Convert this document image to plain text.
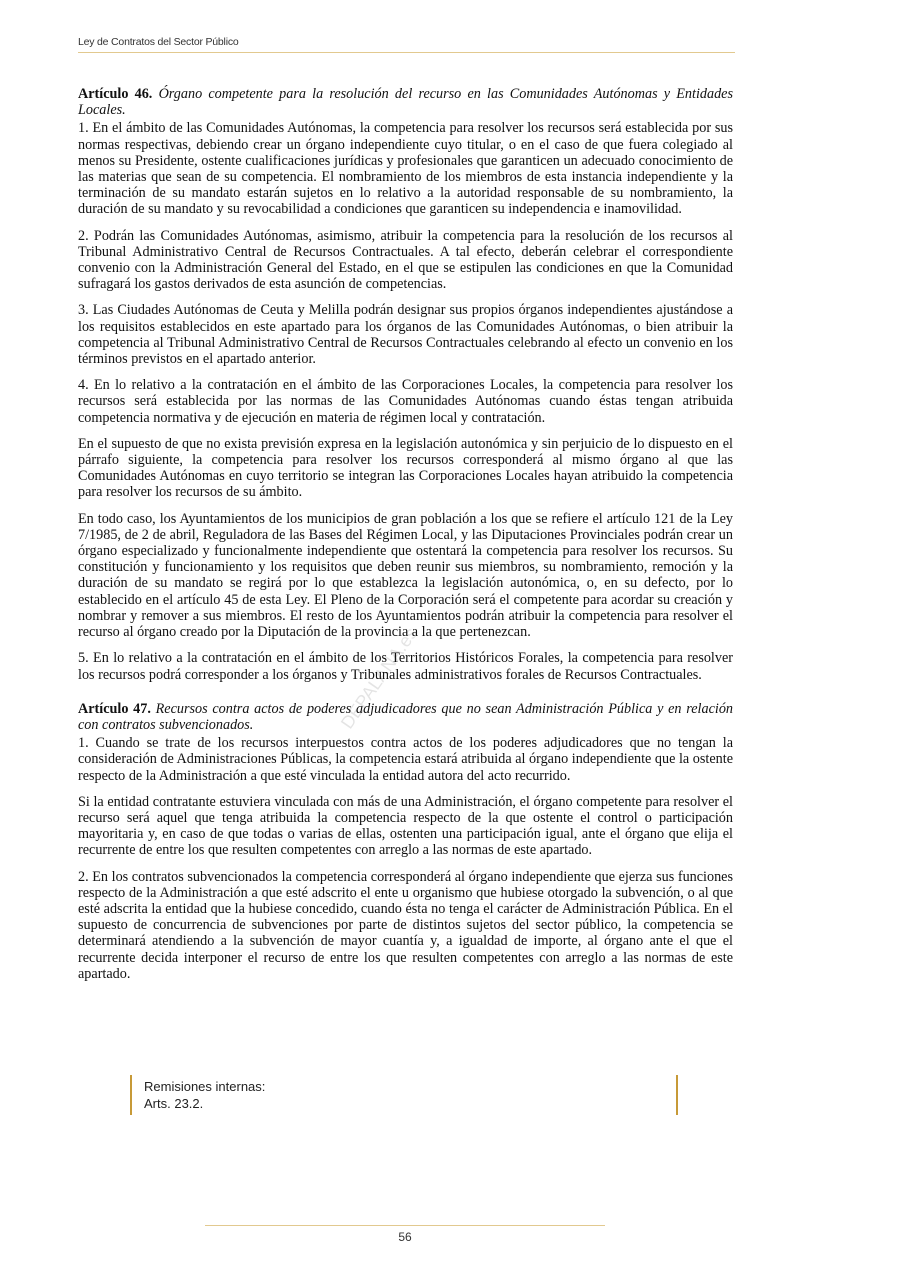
Ley de Contratos del Sector Público
DEPALANA.es

Artículo 46. Órgano competente para la resolución del recurso en las Comunidades Autónomas y Entidades Locales.

1. En el ámbito de las Comunidades Autónomas, la competencia para resolver los recursos será establecida por sus normas respectivas, debiendo crear un órgano independiente cuyo titular, o en el caso de que fuera colegiado al menos su Presidente, ostente cualificaciones jurídicas y profesionales que garanticen un adecuado conocimiento de las materias que sean de su competencia. El nombramiento de los miembros de esta instancia independiente y la terminación de su mandato estarán sujetos en lo relativo a la autoridad responsable de su nombramiento, la duración de su mandato y su revocabilidad a condiciones que garanticen su independencia e inamovilidad.

2. Podrán las Comunidades Autónomas, asimismo, atribuir la competencia para la resolución de los recursos al Tribunal Administrativo Central de Recursos Contractuales. A tal efecto, deberán celebrar el correspondiente convenio con la Administración General del Estado, en el que se estipulen las condiciones en que la Comunidad sufragará los gastos derivados de esta asunción de competencias.

3. Las Ciudades Autónomas de Ceuta y Melilla podrán designar sus propios órganos independientes ajustándose a los requisitos establecidos en este apartado para los órganos de las Comunidades Autónomas, o bien atribuir la competencia al Tribunal Administrativo Central de Recursos Contractuales celebrando al efecto un convenio en los términos previstos en el apartado anterior.

4. En lo relativo a la contratación en el ámbito de las Corporaciones Locales, la competencia para resolver los recursos será establecida por las normas de las Comunidades Autónomas cuando éstas tengan atribuida competencia normativa y de ejecución en materia de régimen local y contratación.

En el supuesto de que no exista previsión expresa en la legislación autonómica y sin perjuicio de lo dispuesto en el párrafo siguiente, la competencia para resolver los recursos corresponderá al mismo órgano al que las Comunidades Autónomas en cuyo territorio se integran las Corporaciones Locales hayan atribuido la competencia para resolver los recursos de su ámbito.

En todo caso, los Ayuntamientos de los municipios de gran población a los que se refiere el artículo 121 de la Ley 7/1985, de 2 de abril, Reguladora de las Bases del Régimen Local, y las Diputaciones Provinciales podrán crear un órgano especializado y funcionalmente independiente que ostentará la competencia para resolver los recursos. Su constitución y funcionamiento y los requisitos que deben reunir sus miembros, su nombramiento, remoción y la duración de su mandato se regirá por lo que establezca la legislación autonómica, o, en su defecto, por lo establecido en el artículo 45 de esta Ley. El Pleno de la Corporación será el competente para acordar su creación y nombrar y remover a sus miembros. El resto de los Ayuntamientos podrán atribuir la competencia para resolver el recurso al órgano creado por la Diputación de la provincia a la que pertenezcan.

5. En lo relativo a la contratación en el ámbito de los Territorios Históricos Forales, la competencia para resolver los recursos podrá corresponder a los órganos y Tribunales administrativos forales de Recursos Contractuales.

Artículo 47. Recursos contra actos de poderes adjudicadores que no sean Administración Pública y en relación con contratos subvencionados.

1. Cuando se trate de los recursos interpuestos contra actos de los poderes adjudicadores que no tengan la consideración de Administraciones Públicas, la competencia estará atribuida al órgano independiente que la ostente respecto de la Administración a que esté vinculada la entidad autora del acto recurrido.

Si la entidad contratante estuviera vinculada con más de una Administración, el órgano competente para resolver el recurso será aquel que tenga atribuida la competencia respecto de la que ostente el control o participación mayoritaria y, en caso de que todas o varias de ellas, ostenten una participación igual, ante el órgano que elija el recurrente de entre los que resulten competentes con arreglo a las normas de este apartado.

2. En los contratos subvencionados la competencia corresponderá al órgano independiente que ejerza sus funciones respecto de la Administración a que esté adscrito el ente u organismo que hubiese otorgado la subvención, o al que esté adscrita la entidad que la hubiese concedido, cuando ésta no tenga el carácter de Administración Pública. En el supuesto de concurrencia de subvenciones por parte de distintos sujetos del sector público, la competencia se determinará atendiendo a la subvención de mayor cuantía y, a igualdad de importe, al órgano ante el que el recurrente decida interponer el recurso de entre los que resulten competentes con arreglo a las normas de este apartado.

Remisiones internas:
Arts. 23.2.
56
